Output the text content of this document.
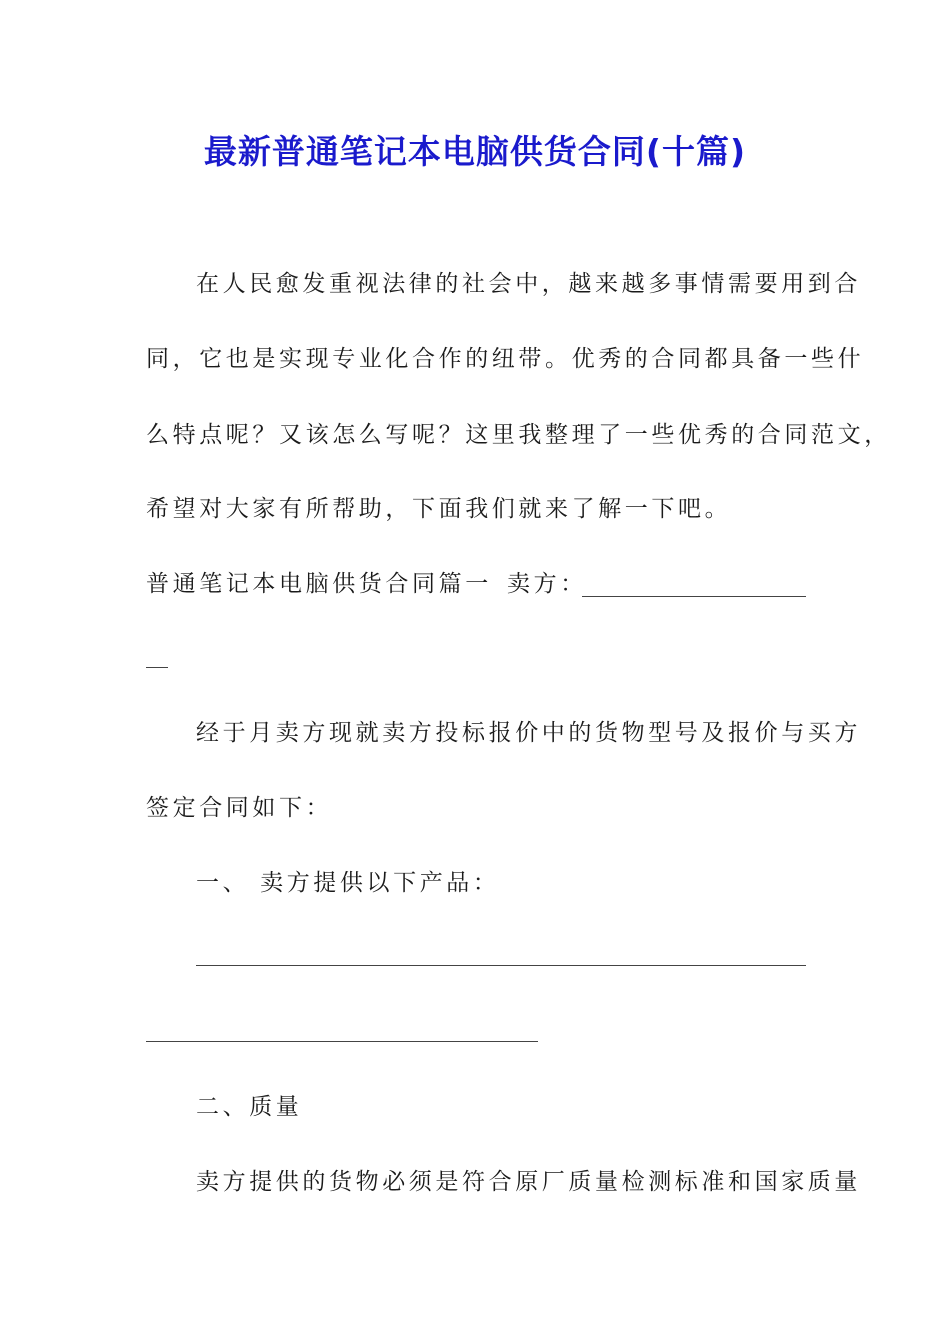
最新普通笔记本电脑供货合同(十篇)
在人民愈发重视法律的社会中，越来越多事情需要用到合
同，它也是实现专业化合作的纽带。优秀的合同都具备一些什
么特点呢？又该怎么写呢？这里我整理了一些优秀的合同范文，
希望对大家有所帮助，下面我们就来了解一下吧。
普通笔记本电脑供货合同篇一 卖方：
经于月卖方现就卖方投标报价中的货物型号及报价与买方
签定合同如下：
一、 卖方提供以下产品：
二、质量
卖方提供的货物必须是符合原厂质量检测标准和国家质量
